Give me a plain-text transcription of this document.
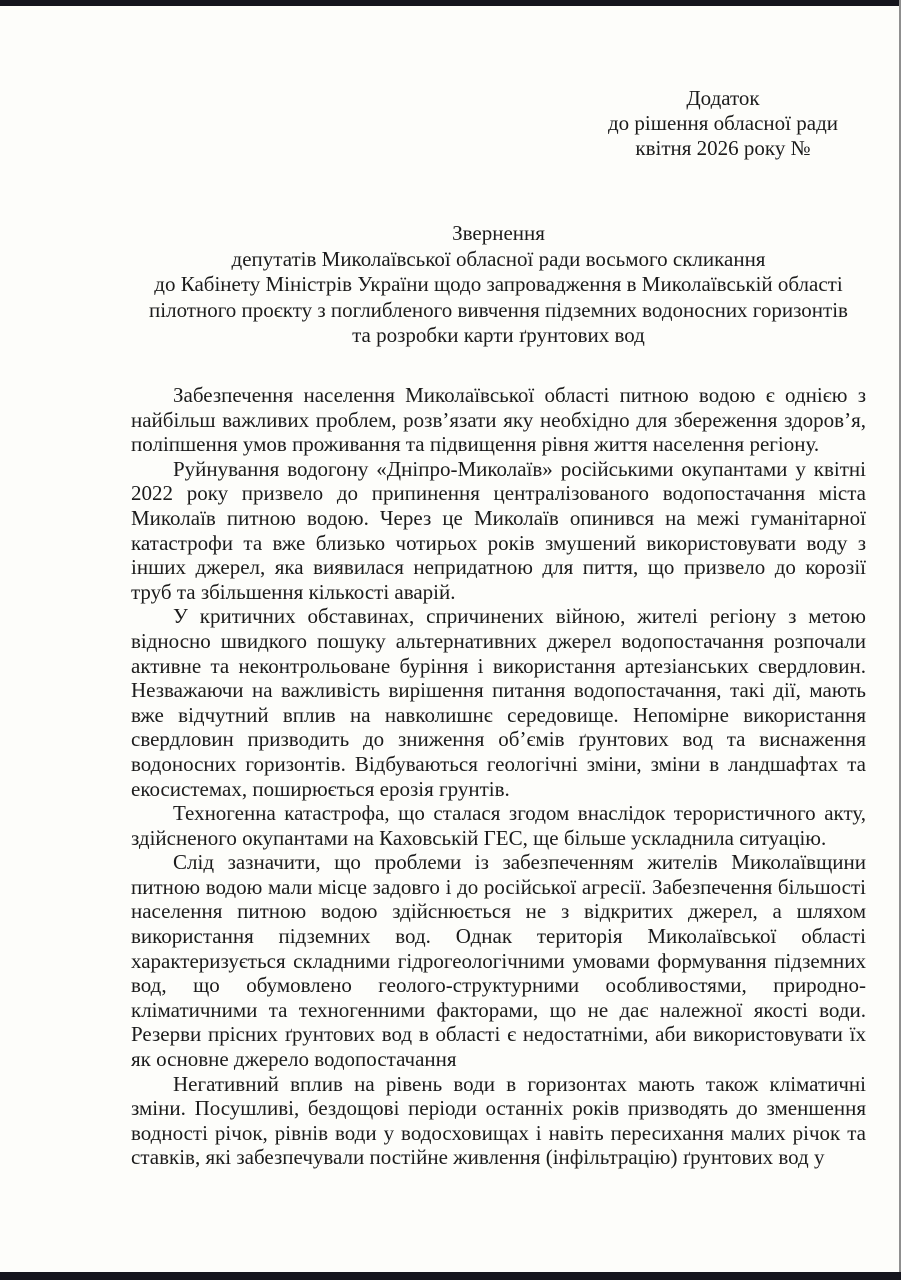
Додаток
до рішення обласної ради
квітня 2026 року №
Звернення
депутатів Миколаївської обласної ради восьмого скликання
до Кабінету Міністрів України щодо запровадження в Миколаївській області
пілотного проєкту з поглибленого вивчення підземних водоносних горизонтів
та розробки карти ґрунтових вод

Забезпечення населення Миколаївської області питною водою є однією з найбільш важливих проблем, розв’язати яку необхідно для збереження здоров’я, поліпшення умов проживання та підвищення рівня життя населення регіону.

Руйнування водогону «Дніпро-Миколаїв» російськими окупантами у квітні 2022 року призвело до припинення централізованого водопостачання міста Миколаїв питною водою. Через це Миколаїв опинився на межі гуманітарної катастрофи та вже близько чотирьох років змушений використовувати воду з інших джерел, яка виявилася непридатною для пиття, що призвело до корозії труб та збільшення кількості аварій.

У критичних обставинах, спричинених війною, жителі регіону з метою відносно швидкого пошуку альтернативних джерел водопостачання розпочали активне та неконтрольоване буріння і використання артезіанських свердловин. Незважаючи на важливість вирішення питання водопостачання, такі дії, мають вже відчутний вплив на навколишнє середовище. Непомірне використання свердловин призводить до зниження об’ємів ґрунтових вод та виснаження водоносних горизонтів. Відбуваються геологічні зміни, зміни в ландшафтах та екосистемах, поширюється ерозія грунтів.

Техногенна катастрофа, що сталася згодом внаслідок терористичного акту, здійсненого окупантами на Каховській ГЕС, ще більше ускладнила ситуацію.

Слід зазначити, що проблеми із забезпеченням жителів Миколаївщини питною водою мали місце задовго і до російської агресії. Забезпечення більшості населення питною водою здійснюється не з відкритих джерел, а шляхом використання підземних вод. Однак територія Миколаївської області характеризується складними гідрогеологічними умовами формування підземних вод, що обумовлено геолого-структурними особливостями, природно-кліматичними та техногенними факторами, що не дає належної якості води. Резерви прісних ґрунтових вод в області є недостатніми, аби використовувати їх як основне джерело водопостачання

Негативний вплив на рівень води в горизонтах мають також кліматичні зміни. Посушливі, бездощові періоди останніх років призводять до зменшення водності річок, рівнів води у водосховищах і навіть пересихання малих річок та ставків, які забезпечували постійне живлення (інфільтрацію) ґрунтових вод у
